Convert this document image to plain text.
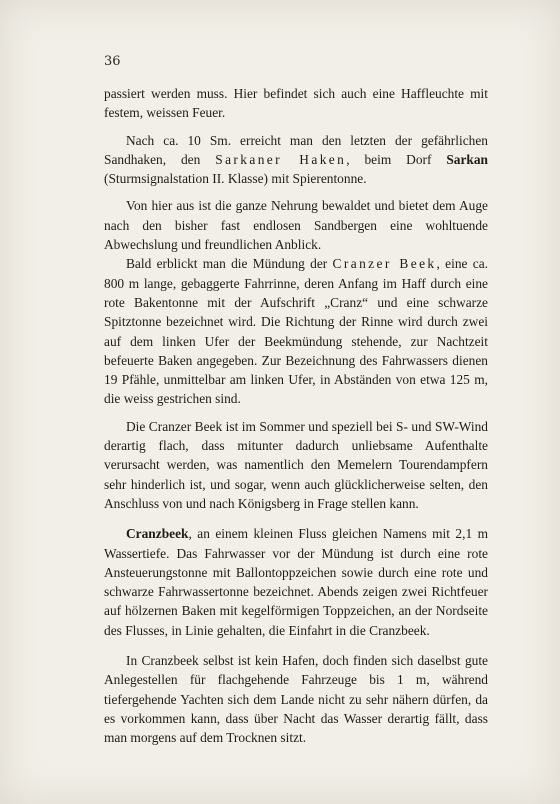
36

passiert werden muss. Hier befindet sich auch eine Haffleuchte mit festem, weissen Feuer.

Nach ca. 10 Sm. erreicht man den letzten der gefährlichen Sandhaken, den Sarkaner Haken, beim Dorf Sarkan (Sturmsignalstation II. Klasse) mit Spierentonne.

Von hier aus ist die ganze Nehrung bewaldet und bietet dem Auge nach den bisher fast endlosen Sandbergen eine wohltuende Abwechslung und freundlichen Anblick.

Bald erblickt man die Mündung der Cranzer Beek, eine ca. 800 m lange, gebaggerte Fahrrinne, deren Anfang im Haff durch eine rote Bakentonne mit der Aufschrift „Cranz“ und eine schwarze Spitztonne bezeichnet wird. Die Richtung der Rinne wird durch zwei auf dem linken Ufer der Beekmündung stehende, zur Nachtzeit befeuerte Baken angegeben. Zur Bezeichnung des Fahrwassers dienen 19 Pfähle, unmittelbar am linken Ufer, in Abständen von etwa 125 m, die weiss gestrichen sind.

Die Cranzer Beek ist im Sommer und speziell bei S- und SW-Wind derartig flach, dass mitunter dadurch unliebsame Aufenthalte verursacht werden, was namentlich den Memelern Tourendampfern sehr hinderlich ist, und sogar, wenn auch glücklicherweise selten, den Anschluss von und nach Königsberg in Frage stellen kann.

Cranzbeek, an einem kleinen Fluss gleichen Namens mit 2,1 m Wassertiefe. Das Fahrwasser vor der Mündung ist durch eine rote Ansteuerungstonne mit Ballontoppzeichen sowie durch eine rote und schwarze Fahrwassertonne bezeichnet. Abends zeigen zwei Richtfeuer auf hölzernen Baken mit kegelförmigen Toppzeichen, an der Nordseite des Flusses, in Linie gehalten, die Einfahrt in die Cranzbeek.

In Cranzbeek selbst ist kein Hafen, doch finden sich daselbst gute Anlegestellen für flachgehende Fahrzeuge bis 1 m, während tiefergehende Yachten sich dem Lande nicht zu sehr nähern dürfen, da es vorkommen kann, dass über Nacht das Wasser derartig fällt, dass man morgens auf dem Trocknen sitzt.
